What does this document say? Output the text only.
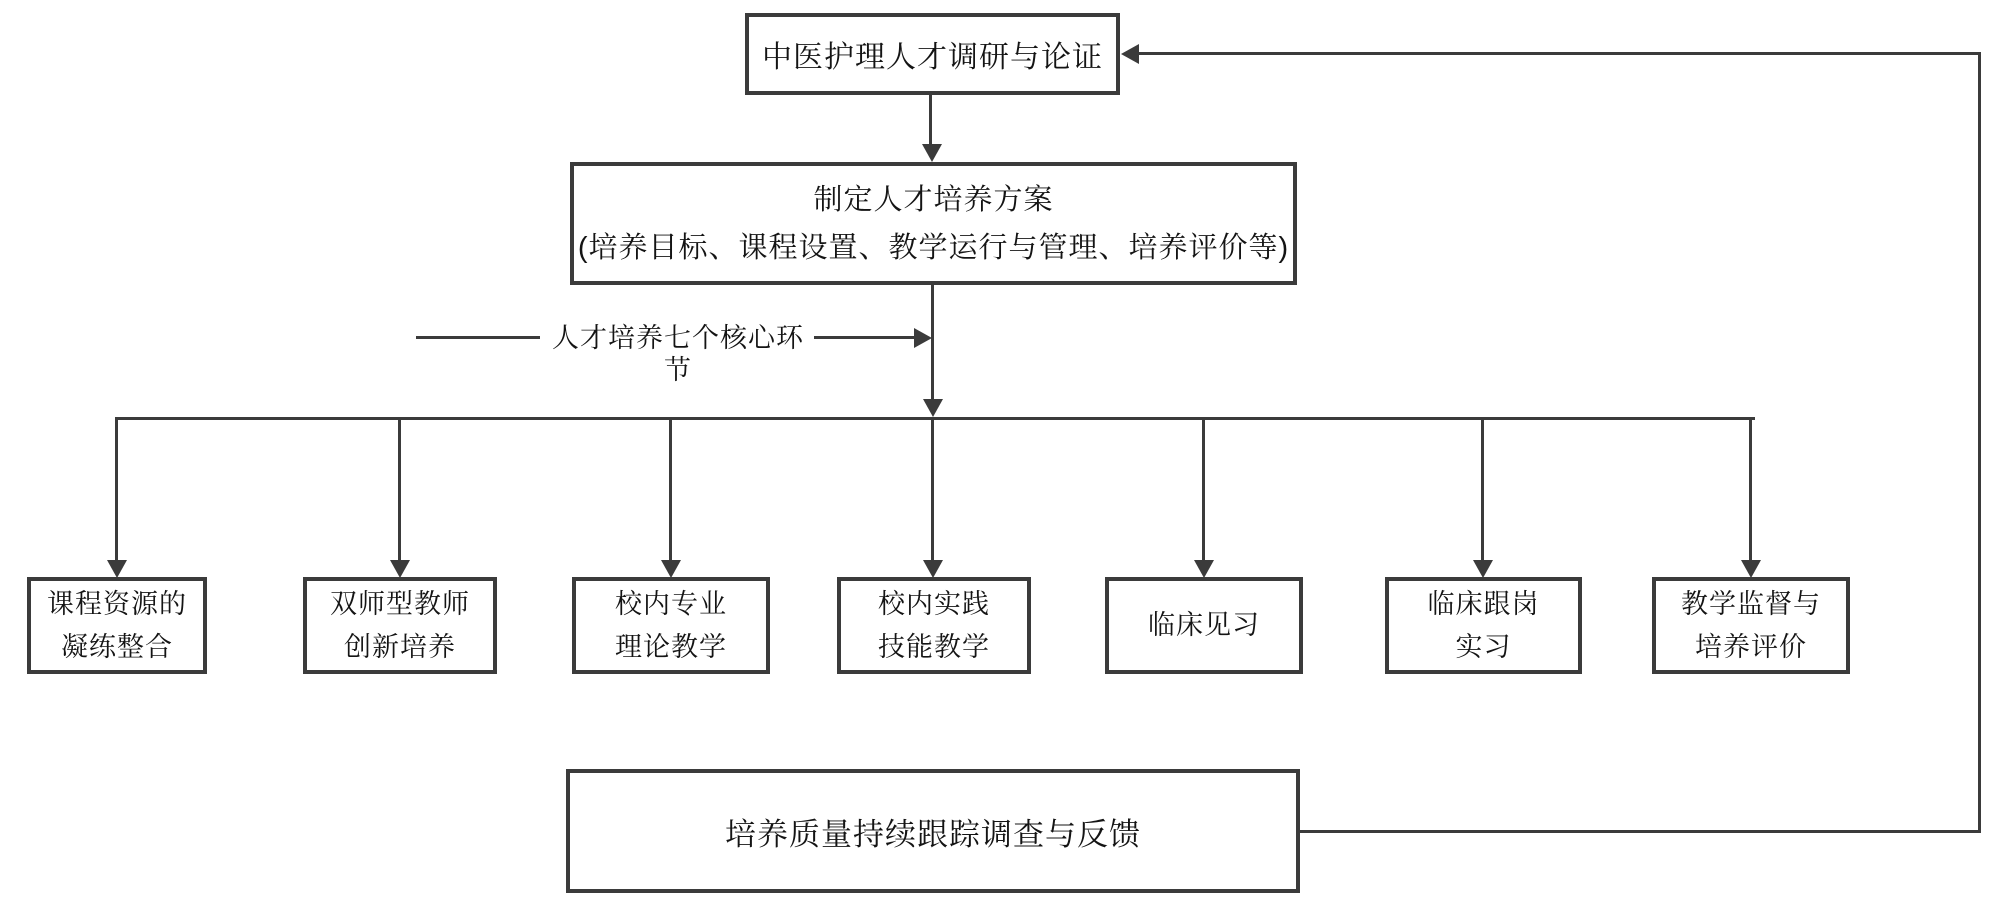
中医护理人才调研与论证
制定人才培养方案
(培养目标、课程设置、教学运行与管理、培养评价等)
人才培养七个核心环节
课程资源的
凝练整合
双师型教师
创新培养
校内专业
理论教学
校内实践
技能教学
临床见习
临床跟岗
实习
教学监督与
培养评价
培养质量持续跟踪调查与反馈
